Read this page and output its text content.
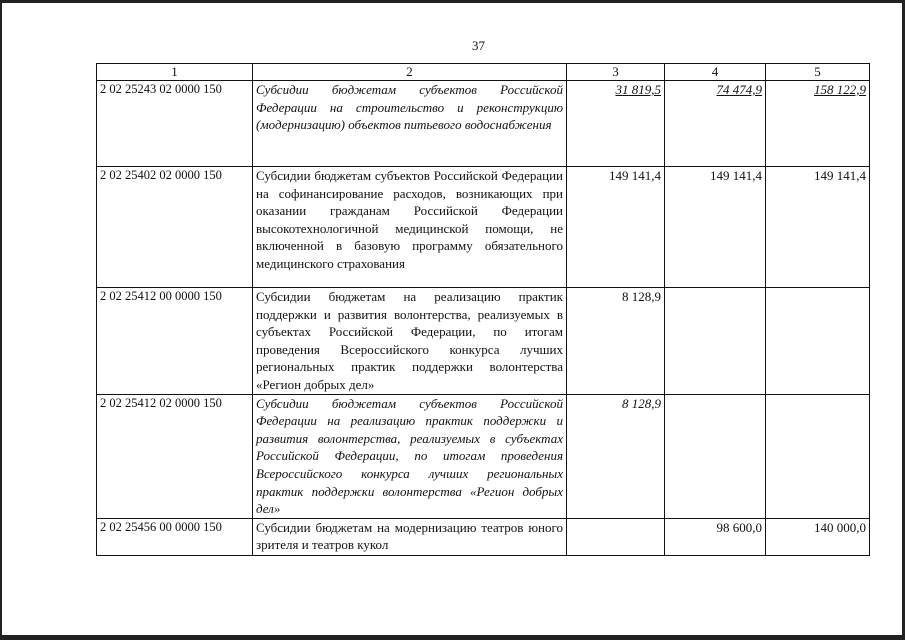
37
1	2	3	4	5
2 02 25243 02 0000 150	Субсидии бюджетам субъектов Российской Федерации на строительство и реконструкцию (модернизацию) объектов питьевого водоснабжения	31 819,5	74 474,9	158 122,9
2 02 25402 02 0000 150	Субсидии бюджетам субъектов Российской Федерации на софинансирование расходов, возникающих при оказании гражданам Российской Федерации высокотехнологичной медицинской помощи, не включенной в базовую программу обязательного медицинского страхования	149 141,4	149 141,4	149 141,4
2 02 25412 00 0000 150	Субсидии бюджетам на реализацию практик поддержки и развития волонтерства, реализуемых в субъектах Российской Федерации, по итогам проведения Всероссийского конкурса лучших региональных практик поддержки волонтерства «Регион добрых дел»	8 128,9		
2 02 25412 02 0000 150	Субсидии бюджетам субъектов Российской Федерации на реализацию практик поддержки и развития волонтерства, реализуемых в субъектах Российской Федерации, по итогам проведения Всероссийского конкурса лучших региональных практик поддержки волонтерства «Регион добрых дел»	8 128,9		
2 02 25456 00 0000 150	Субсидии бюджетам на модернизацию театров юного зрителя и театров кукол		98 600,0	140 000,0
